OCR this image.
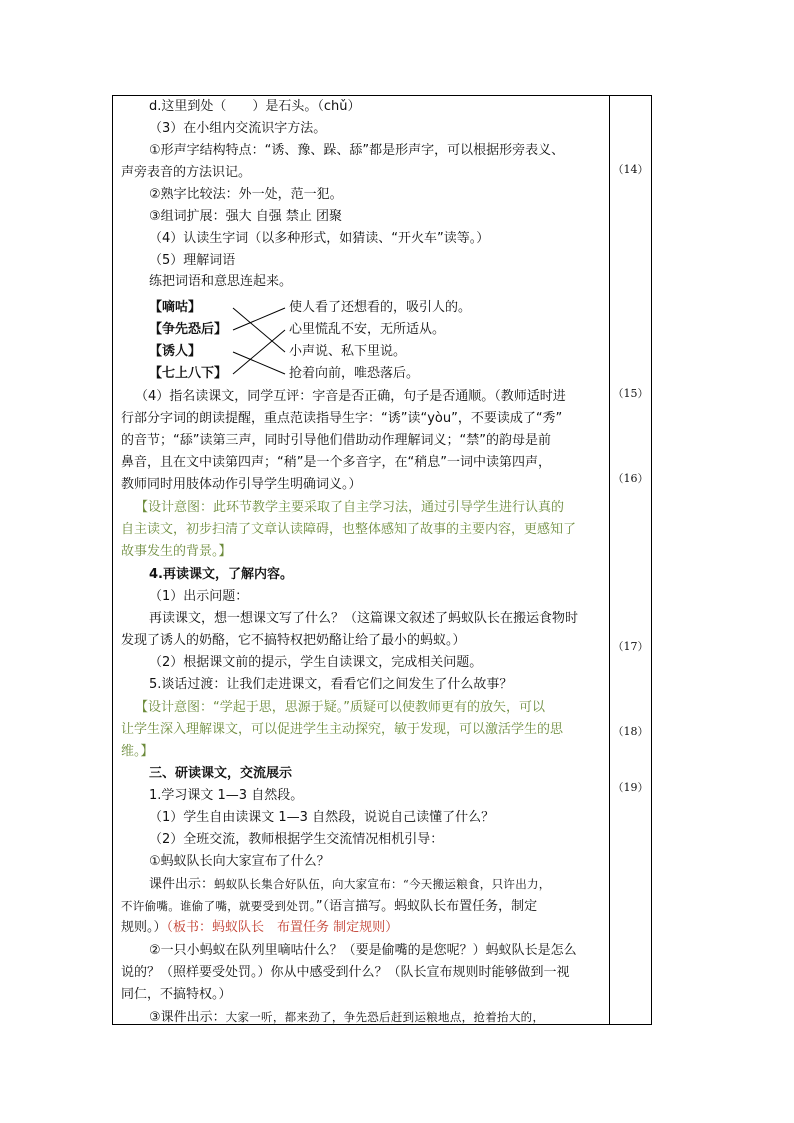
d.这里到处（　　）是石头。（chǔ）
（3）在小组内交流识字方法。
①形声字结构特点：“诱、豫、跺、舔”都是形声字，可以根据形旁表义、
声旁表音的方法识记。
②熟字比较法：外一处，范一犯。
③组词扩展：强大 自强 禁止 团聚
（4）认读生字词（以多种形式，如猜读、“开火车”读等。）
（5）理解词语
练把词语和意思连起来。
【嘀咕】
【争先恐后】
【诱人】
【七上八下】
使人看了还想看的，吸引人的。
心里慌乱不安，无所适从。
小声说、私下里说。
抢着向前，唯恐落后。
（4）指名读课文，同学互评：字音是否正确，句子是否通顺。（教师适时进
行部分字词的朗读提醒，重点范读指导生字：“诱”读“yòu”，不要读成了“秀”
的音节；“舔”读第三声，同时引导他们借助动作理解词义；“禁”的韵母是前
鼻音，且在文中读第四声；“稍”是一个多音字，在“稍息”一词中读第四声，
教师同时用肢体动作引导学生明确词义。）
【设计意图：此环节教学主要采取了自主学习法，通过引导学生进行认真的
自主读文，初步扫清了文章认读障碍，也整体感知了故事的主要内容，更感知了
故事发生的背景。】
4.再读课文，了解内容。
（1）出示问题：
再读课文，想一想课文写了什么？（这篇课文叙述了蚂蚁队长在搬运食物时
发现了诱人的奶酪，它不搞特权把奶酪让给了最小的蚂蚁。）
（2）根据课文前的提示，学生自读课文，完成相关问题。
5.谈话过渡：让我们走进课文，看看它们之间发生了什么故事？
【设计意图：“学起于思，思源于疑。”质疑可以使教师更有的放矢，可以
让学生深入理解课文，可以促进学生主动探究，敏于发现，可以激活学生的思
维。】
三、研读课文，交流展示
1.学习课文 1—3 自然段。
（1）学生自由读课文 1—3 自然段，说说自己读懂了什么？
（2）全班交流，教师根据学生交流情况相机引导：
①蚂蚁队长向大家宣布了什么？
课件出示：蚂蚁队长集合好队伍，向大家宣布：“今天搬运粮食，只许出力，
不许偷嘴。谁偷了嘴，就要受到处罚。”（语言描写。蚂蚁队长布置任务，制定
规则。）（板书：蚂蚁队长　布置任务 制定规则）
②一只小蚂蚁在队列里嘀咕什么？（要是偷嘴的是您呢？）蚂蚁队长是怎么
说的？（照样要受处罚。）你从中感受到什么？（队长宣布规则时能够做到一视
同仁，不搞特权。）
③课件出示：大家一听，都来劲了，争先恐后赶到运粮地点，抢着抬大的，
（14）
（15）
（16）
（17）
（18）
（19）
